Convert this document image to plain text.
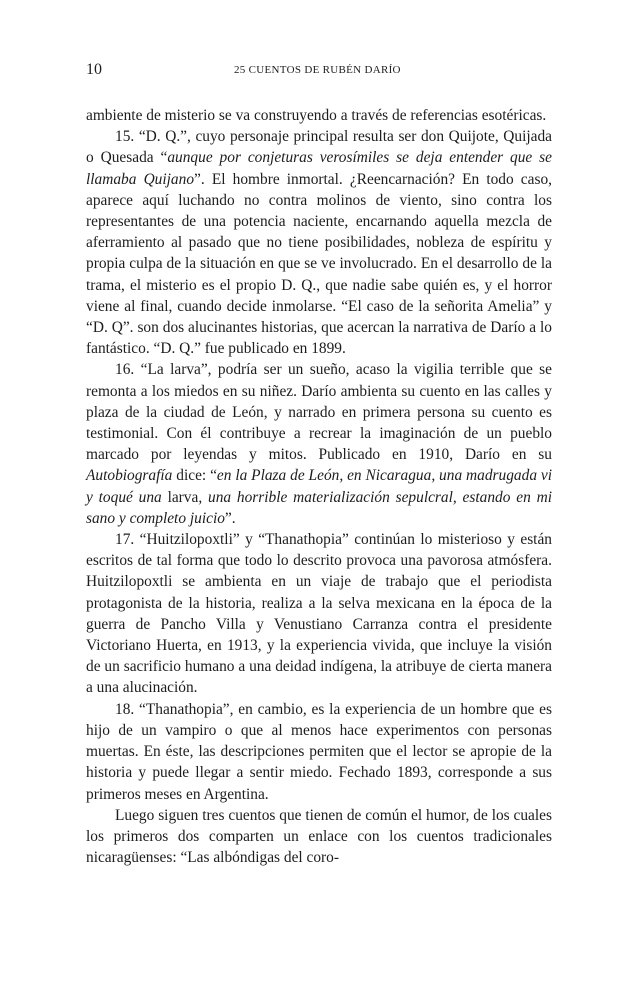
10	25 CUENTOS DE RUBÉN DARÍO

ambiente de misterio se va construyendo a través de referencias esotéricas.

15. “D. Q.”, cuyo personaje principal resulta ser don Quijote, Quijada o Quesada “aunque por conjeturas verosímiles se deja entender que se llamaba Quijano”. El hombre inmortal. ¿Reencarnación? En todo caso, aparece aquí luchando no contra molinos de viento, sino contra los representantes de una potencia naciente, encarnando aquella mezcla de aferramiento al pasado que no tiene posibilidades, nobleza de espíritu y propia culpa de la situación en que se ve involucrado. En el desarrollo de la trama, el misterio es el propio D. Q., que nadie sabe quién es, y el horror viene al final, cuando decide inmolarse. “El caso de la señorita Amelia” y “D. Q”. son dos alucinantes historias, que acercan la narrativa de Darío a lo fantástico. “D. Q.” fue publicado en 1899.

16. “La larva”, podría ser un sueño, acaso la vigilia terrible que se remonta a los miedos en su niñez. Darío ambienta su cuento en las calles y plaza de la ciudad de León, y narrado en primera persona su cuento es testimonial. Con él contribuye a recrear la imaginación de un pueblo marcado por leyendas y mitos. Publicado en 1910, Darío en su Autobiografía dice: “en la Plaza de León, en Nicaragua, una madrugada vi y toqué una larva, una horrible materialización sepulcral, estando en mi sano y completo juicio”.

17. “Huitzilopoxtli” y “Thanathopia” continúan lo misterioso y están escritos de tal forma que todo lo descrito provoca una pavorosa atmósfera. Huitzilopoxtli se ambienta en un viaje de trabajo que el periodista protagonista de la historia, realiza a la selva mexicana en la época de la guerra de Pancho Villa y Venustiano Carranza contra el presidente Victoriano Huerta, en 1913, y la experiencia vivida, que incluye la visión de un sacrificio humano a una deidad indígena, la atribuye de cierta manera a una alucinación.

18. “Thanathopia”, en cambio, es la experiencia de un hombre que es hijo de un vampiro o que al menos hace experimentos con personas muertas. En éste, las descripciones permiten que el lector se apropie de la historia y puede llegar a sentir miedo. Fechado 1893, corresponde a sus primeros meses en Argentina.

Luego siguen tres cuentos que tienen de común el humor, de los cuales los primeros dos comparten un enlace con los cuentos tradicionales nicaragüenses: “Las albóndigas del coro-
